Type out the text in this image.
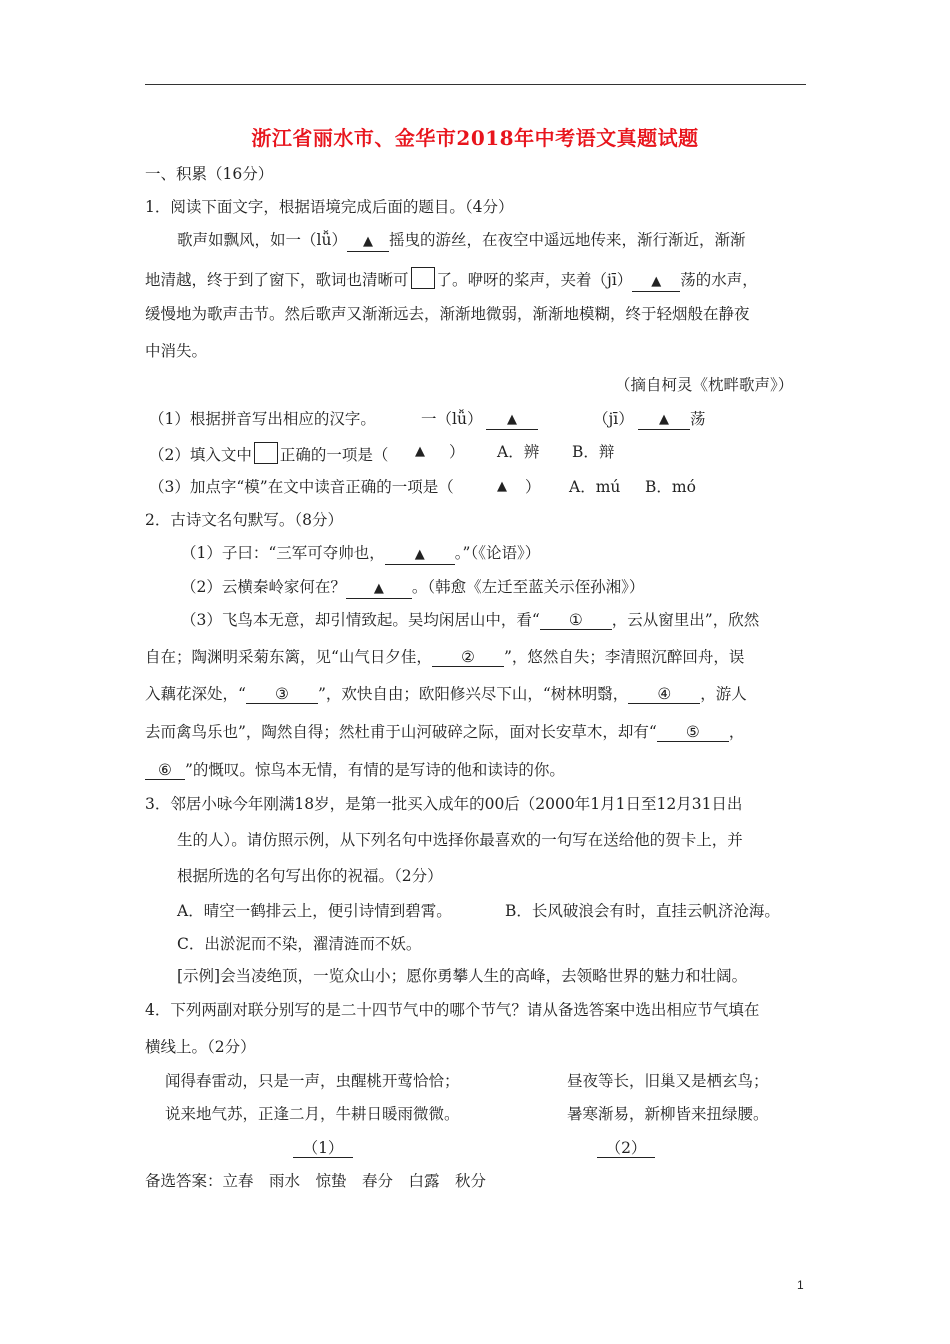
浙江省丽水市、金华市2018年中考语文真题试题
一、积累（16分）
1．阅读下面文字，根据语境完成后面的题目。（4分）
歌声如飘风，如一（lǚ） ▲ 摇曳的游丝，在夜空中遥远地传来，渐行渐近，渐渐
地清越，终于到了窗下，歌词也清晰可 了。咿呀的桨声，夹着（jī） ▲ 荡的水声，
缓慢地为歌声击节。然后歌声又渐渐远去，渐渐地微弱，渐渐地模糊，终于轻烟般在静夜
中消失。
（摘自柯灵《枕畔歌声》）
（1）根据拼音写出相应的汉字。	一（lǚ）	▲	（jī）	▲	荡
（2）填入文中 正确的一项是（ ▲ ） A．辨 B．辩
（3）加点字“模”在文中读音正确的一项是（	▲ ） A．mú B．mó
2．古诗文名句默写。（8分）
（1）子曰：“三军可夺帅也， ▲ 。”（《论语》）
（2）云横秦岭家何在？ ▲ 。（韩愈《左迁至蓝关示侄孙湘》）
（3）飞鸟本无意，却引情致起。吴均闲居山中，看“ ① ，云从窗里出”，欣然
自在；陶渊明采菊东篱，见“山气日夕佳， ② ”，悠然自失；李清照沉醉回舟，误
入藕花深处，“ ③ ”，欢快自由；欧阳修兴尽下山，“树林明翳， ④ ，游人
去而禽鸟乐也”，陶然自得；然杜甫于山河破碎之际，面对长安草木，却有“ ⑤ ，
⑥ ”的慨叹。惊鸟本无情，有情的是写诗的他和读诗的你。
3．邻居小咏今年刚满18岁，是第一批买入成年的00后（2000年1月1日至12月31日出
生的人）。请仿照示例，从下列名句中选择你最喜欢的一句写在送给他的贺卡上，并
根据所选的名句写出你的祝福。（2分）
A．晴空一鹤排云上，便引诗情到碧霄。	B．长风破浪会有时，直挂云帆济沧海。
C．出淤泥而不染，濯清涟而不妖。
[示例]会当凌绝顶，一览众山小；愿你勇攀人生的高峰，去领略世界的魅力和壮阔。
4．下列两副对联分别写的是二十四节气中的哪个节气？请从备选答案中选出相应节气填在
横线上。（2分）
闻得春雷动，只是一声，虫醒桃开莺恰恰；
说来地气苏，正逢二月，牛耕日暖雨微微。
昼夜等长，旧巢又是栖玄鸟；
暑寒渐易，新柳皆来扭绿腰。
（1）	（2）
备选答案：立春　雨水　惊蛰　春分　白露　秋分
1
